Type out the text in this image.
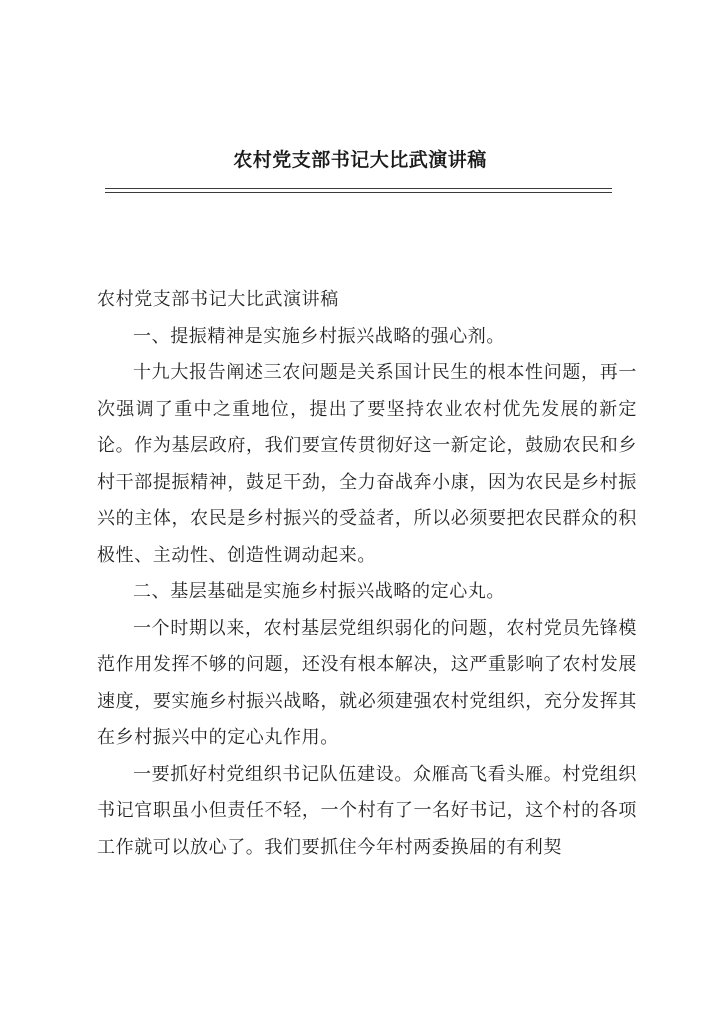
农村党支部书记大比武演讲稿

农村党支部书记大比武演讲稿

一、提振精神是实施乡村振兴战略的强心剂。

十九大报告阐述三农问题是关系国计民生的根本性问题，再一次强调了重中之重地位，提出了要坚持农业农村优先发展的新定论。作为基层政府，我们要宣传贯彻好这一新定论，鼓励农民和乡村干部提振精神，鼓足干劲，全力奋战奔小康，因为农民是乡村振兴的主体，农民是乡村振兴的受益者，所以必须要把农民群众的积极性、主动性、创造性调动起来。

二、基层基础是实施乡村振兴战略的定心丸。

一个时期以来，农村基层党组织弱化的问题，农村党员先锋模范作用发挥不够的问题，还没有根本解决，这严重影响了农村发展速度，要实施乡村振兴战略，就必须建强农村党组织，充分发挥其在乡村振兴中的定心丸作用。

一要抓好村党组织书记队伍建设。众雁高飞看头雁。村党组织书记官职虽小但责任不轻，一个村有了一名好书记，这个村的各项工作就可以放心了。我们要抓住今年村两委换届的有利契
